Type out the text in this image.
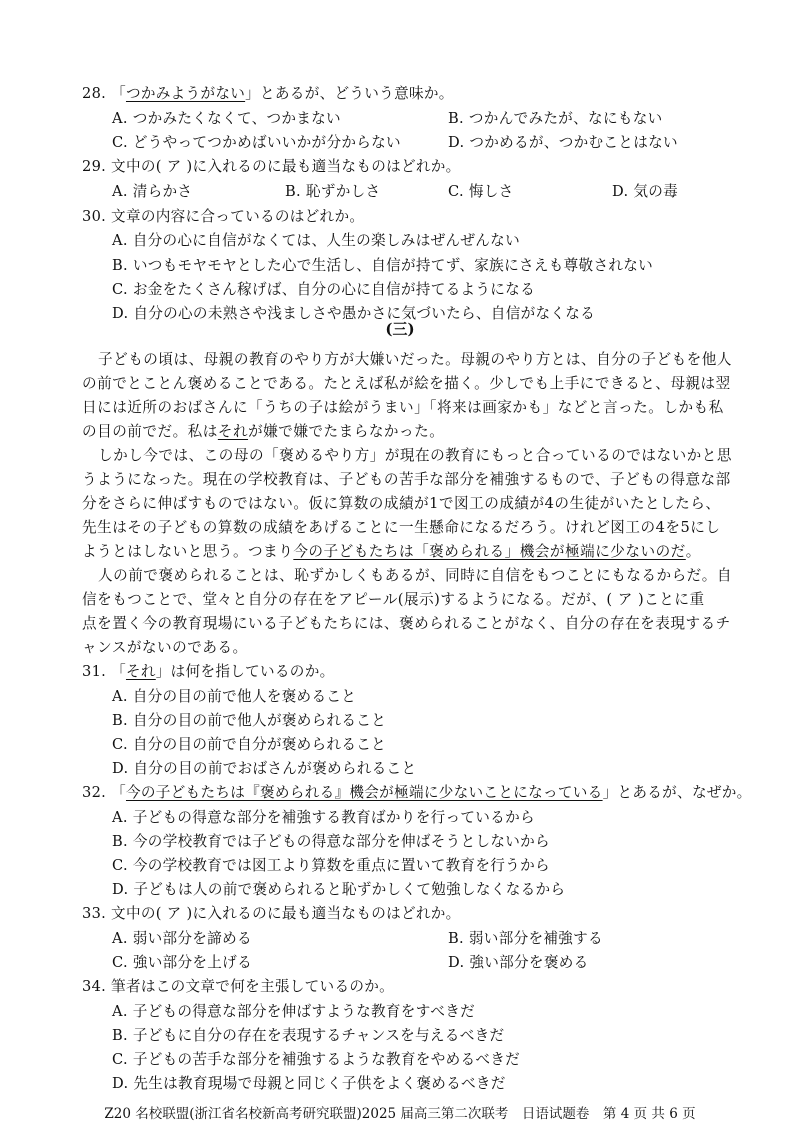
28. 「つかみようがない」とあるが、どういう意味か。
A. つかみたくなくて、つかまない	B. つかんでみたが、なにもない
C. どうやってつかめばいいかが分からない	D. つかめるが、つかむことはない
29. 文中の( ア )に入れるのに最も適当なものはどれか。
A. 清らかさ	B. 恥ずかしさ	C. 悔しさ	D. 気の毒
30. 文章の内容に合っているのはどれか。
A. 自分の心に自信がなくては、人生の楽しみはぜんぜんない
B. いつもモヤモヤとした心で生活し、自信が持てず、家族にさえも尊敬されない
C. お金をたくさん稼げば、自分の心に自信が持てるようになる
D. 自分の心の未熟さや浅ましさや愚かさに気づいたら、自信がなくなる
(三)
子どもの頃は、母親の教育のやり方が大嫌いだった。母親のやり方とは、自分の子どもを他人
の前でとことん褒めることである。たとえば私が絵を描く。少しでも上手にできると、母親は翌
日には近所のおばさんに「うちの子は絵がうまい」「将来は画家かも」などと言った。しかも私
の目の前でだ。私はそれが嫌で嫌でたまらなかった。
しかし今では、この母の「褒めるやり方」が現在の教育にもっと合っているのではないかと思
うようになった。現在の学校教育は、子どもの苦手な部分を補強するもので、子どもの得意な部
分をさらに伸ばすものではない。仮に算数の成績が1で図工の成績が4の生徒がいたとしたら、
先生はその子どもの算数の成績をあげることに一生懸命になるだろう。けれど図工の4を5にし
ようとはしないと思う。つまり今の子どもたちは「褒められる」機会が極端に少ないのだ。
人の前で褒められることは、恥ずかしくもあるが、同時に自信をもつことにもなるからだ。自
信をもつことで、堂々と自分の存在をアピール(展示)するようになる。だが、( ア )ことに重
点を置く今の教育現場にいる子どもたちには、褒められることがなく、自分の存在を表現するチ
ャンスがないのである。
31. 「それ」は何を指しているのか。
A. 自分の目の前で他人を褒めること
B. 自分の目の前で他人が褒められること
C. 自分の目の前で自分が褒められること
D. 自分の目の前でおばさんが褒められること
32. 「今の子どもたちは『褒められる』機会が極端に少ないことになっている」とあるが、なぜか。
A. 子どもの得意な部分を補強する教育ばかりを行っているから
B. 今の学校教育では子どもの得意な部分を伸ばそうとしないから
C. 今の学校教育では図工より算数を重点に置いて教育を行うから
D. 子どもは人の前で褒められると恥ずかしくて勉強しなくなるから
33. 文中の( ア )に入れるのに最も適当なものはどれか。
A. 弱い部分を諦める	B. 弱い部分を補強する
C. 強い部分を上げる	D. 強い部分を褒める
34. 筆者はこの文章で何を主張しているのか。
A. 子どもの得意な部分を伸ばすような教育をすべきだ
B. 子どもに自分の存在を表現するチャンスを与えるべきだ
C. 子どもの苦手な部分を補強するような教育をやめるべきだ
D. 先生は教育現場で母親と同じく子供をよく褒めるべきだ
Z20 名校联盟(浙江省名校新高考研究联盟)2025 届高三第二次联考　日语试题卷　第 4 页 共 6 页
